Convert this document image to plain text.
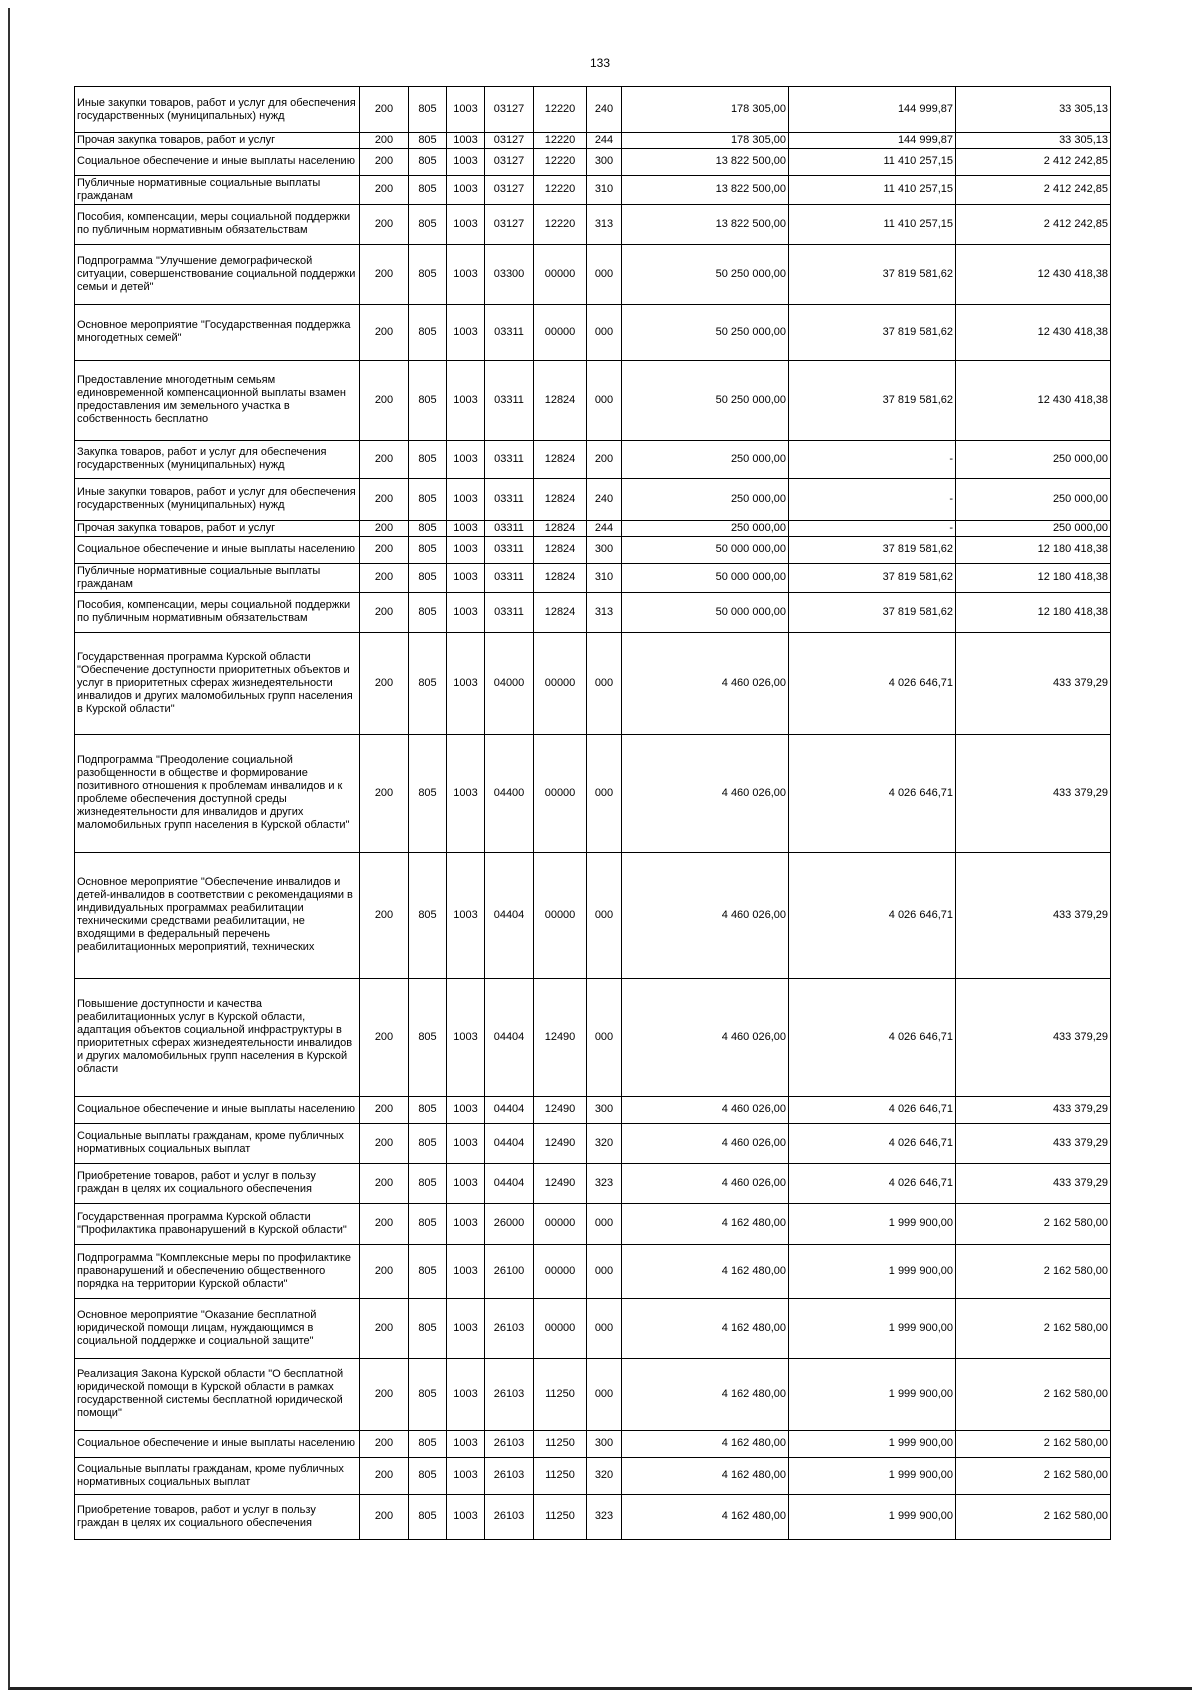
133
Иные закупки товаров, работ и услуг для обеспечения государственных (муниципальных) нужд	200	805	1003	03127	12220	240	178 305,00	144 999,87	33 305,13
Прочая закупка товаров, работ и услуг	200	805	1003	03127	12220	244	178 305,00	144 999,87	33 305,13
Социальное обеспечение и иные выплаты населению	200	805	1003	03127	12220	300	13 822 500,00	11 410 257,15	2 412 242,85
Публичные нормативные социальные выплаты гражданам	200	805	1003	03127	12220	310	13 822 500,00	11 410 257,15	2 412 242,85
Пособия, компенсации, меры социальной поддержки по публичным нормативным обязательствам	200	805	1003	03127	12220	313	13 822 500,00	11 410 257,15	2 412 242,85
Подпрограмма "Улучшение демографической ситуации, совершенствование социальной поддержки семьи и детей"	200	805	1003	03300	00000	000	50 250 000,00	37 819 581,62	12 430 418,38
Основное мероприятие "Государственная поддержка многодетных семей"	200	805	1003	03311	00000	000	50 250 000,00	37 819 581,62	12 430 418,38
Предоставление многодетным семьям единовременной компенсационной выплаты взамен предоставления им земельного участка в собственность бесплатно	200	805	1003	03311	12824	000	50 250 000,00	37 819 581,62	12 430 418,38
Закупка товаров, работ и услуг для обеспечения государственных (муниципальных) нужд	200	805	1003	03311	12824	200	250 000,00	-	250 000,00
Иные закупки товаров, работ и услуг для обеспечения государственных (муниципальных) нужд	200	805	1003	03311	12824	240	250 000,00	-	250 000,00
Прочая закупка товаров, работ и услуг	200	805	1003	03311	12824	244	250 000,00	-	250 000,00
Социальное обеспечение и иные выплаты населению	200	805	1003	03311	12824	300	50 000 000,00	37 819 581,62	12 180 418,38
Публичные нормативные социальные выплаты гражданам	200	805	1003	03311	12824	310	50 000 000,00	37 819 581,62	12 180 418,38
Пособия, компенсации, меры социальной поддержки по публичным нормативным обязательствам	200	805	1003	03311	12824	313	50 000 000,00	37 819 581,62	12 180 418,38
Государственная программа Курской области "Обеспечение доступности приоритетных объектов и услуг в приоритетных сферах жизнедеятельности инвалидов и других маломобильных групп населения в Курской области"	200	805	1003	04000	00000	000	4 460 026,00	4 026 646,71	433 379,29
Подпрограмма "Преодоление социальной разобщенности в обществе и формирование позитивного отношения к проблемам инвалидов и к проблеме обеспечения доступной среды жизнедеятельности для инвалидов и других маломобильных групп населения в Курской области"	200	805	1003	04400	00000	000	4 460 026,00	4 026 646,71	433 379,29
Основное мероприятие "Обеспечение инвалидов и детей-инвалидов в соответствии с рекомендациями в индивидуальных программах реабилитации техническими средствами реабилитации, не входящими в федеральный перечень реабилитационных мероприятий, технических	200	805	1003	04404	00000	000	4 460 026,00	4 026 646,71	433 379,29
Повышение доступности и качества реабилитационных услуг в Курской области, адаптация объектов социальной инфраструктуры в приоритетных сферах жизнедеятельности инвалидов и других маломобильных групп населения в Курской области	200	805	1003	04404	12490	000	4 460 026,00	4 026 646,71	433 379,29
Социальное обеспечение и иные выплаты населению	200	805	1003	04404	12490	300	4 460 026,00	4 026 646,71	433 379,29
Социальные выплаты гражданам, кроме публичных нормативных социальных выплат	200	805	1003	04404	12490	320	4 460 026,00	4 026 646,71	433 379,29
Приобретение товаров, работ и услуг в пользу граждан в целях их социального обеспечения	200	805	1003	04404	12490	323	4 460 026,00	4 026 646,71	433 379,29
Государственная программа Курской области "Профилактика правонарушений в Курской области"	200	805	1003	26000	00000	000	4 162 480,00	1 999 900,00	2 162 580,00
Подпрограмма "Комплексные меры по профилактике правонарушений и обеспечению общественного порядка на территории Курской области"	200	805	1003	26100	00000	000	4 162 480,00	1 999 900,00	2 162 580,00
Основное мероприятие "Оказание бесплатной юридической помощи лицам, нуждающимся в социальной поддержке и социальной защите"	200	805	1003	26103	00000	000	4 162 480,00	1 999 900,00	2 162 580,00
Реализация Закона Курской области "О бесплатной юридической помощи в Курской области в рамках государственной системы бесплатной юридической помощи"	200	805	1003	26103	11250	000	4 162 480,00	1 999 900,00	2 162 580,00
Социальное обеспечение и иные выплаты населению	200	805	1003	26103	11250	300	4 162 480,00	1 999 900,00	2 162 580,00
Социальные выплаты гражданам, кроме публичных нормативных социальных выплат	200	805	1003	26103	11250	320	4 162 480,00	1 999 900,00	2 162 580,00
Приобретение товаров, работ и услуг в пользу граждан в целях их социального обеспечения	200	805	1003	26103	11250	323	4 162 480,00	1 999 900,00	2 162 580,00
